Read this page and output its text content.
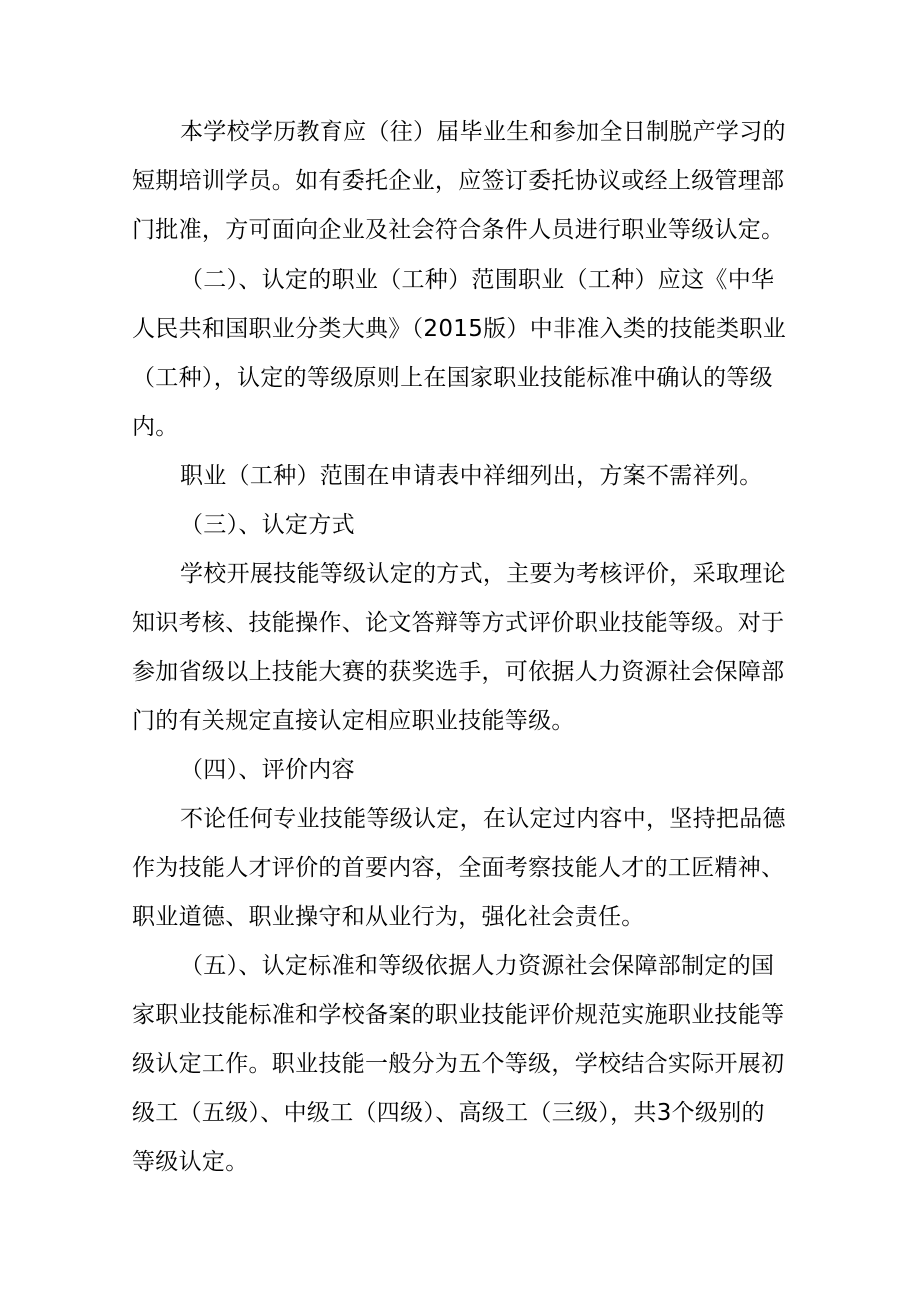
本学校学历教育应（往）届毕业生和参加全日制脱产学习的
短期培训学员。如有委托企业，应签订委托协议或经上级管理部
门批准，方可面向企业及社会符合条件人员进行职业等级认定。
（二）、认定的职业（工种）范围职业（工种）应这《中华
人民共和国职业分类大典》（2015版）中非准入类的技能类职业
（工种），认定的等级原则上在国家职业技能标准中确认的等级
内。
职业（工种）范围在申请表中祥细列出，方案不需祥列。
（三）、认定方式
学校开展技能等级认定的方式，主要为考核评价，采取理论
知识考核、技能操作、论文答辩等方式评价职业技能等级。对于
参加省级以上技能大赛的获奖选手，可依据人力资源社会保障部
门的有关规定直接认定相应职业技能等级。
（四）、评价内容
不论任何专业技能等级认定，在认定过内容中，坚持把品德
作为技能人才评价的首要内容，全面考察技能人才的工匠精神、
职业道德、职业操守和从业行为，强化社会责任。
（五）、认定标准和等级依据人力资源社会保障部制定的国
家职业技能标准和学校备案的职业技能评价规范实施职业技能等
级认定工作。职业技能一般分为五个等级，学校结合实际开展初
级工（五级）、中级工（四级）、高级工（三级），共3个级别的
等级认定。
